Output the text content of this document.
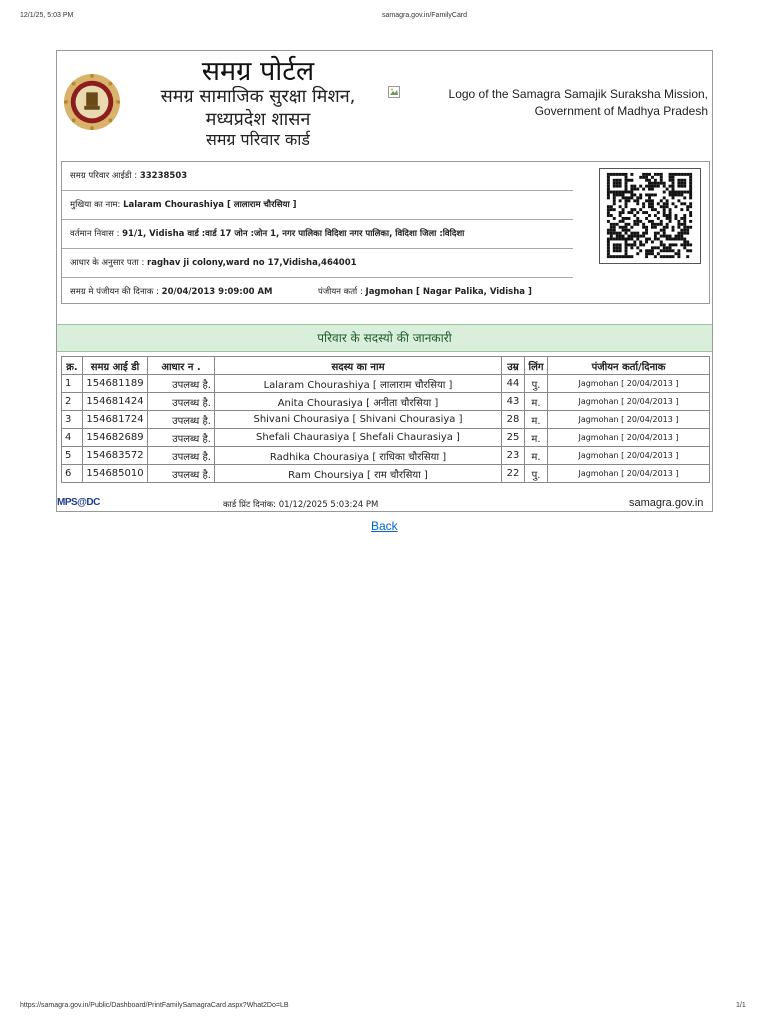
12/1/25, 5:03 PM	samagra.gov.in/FamilyCard
समग्र पोर्टल
समग्र सामाजिक सुरक्षा मिशन,
मध्यप्रदेश शासन
समग्र परिवार कार्ड
Logo of the Samagra Samajik Suraksha Mission,
Government of Madhya Pradesh
समग्र परिवार आईडी : 33238503
मुखिया का नाम: Lalaram Chourashiya [ लालाराम चौरसिया ]
वर्तमान निवास : 91/1, Vidisha वार्ड :वार्ड 17 जोन :जोन 1, नगर पालिका विदिशा नगर पालिका, विदिशा जिला :विदिशा
आधार के अनुसार पता : raghav ji colony,ward no 17,Vidisha,464001
समग्र मे पंजीयन की दिनाक : 20/04/2013 9:09:00 AM	पंजीयन कर्ता : Jagmohan [ Nagar Palika, Vidisha ]
परिवार के सदस्यो की जानकारी
क्र.	समग्र आई डी	आधार न .	सदस्य का नाम	उम्र	लिंग	पंजीयन कर्ता/दिनाक
1	154681189	उपलब्ध है.	Lalaram Chourashiya [ लालाराम चौरसिया ]	44	पु.	Jagmohan [ 20/04/2013 ]
2	154681424	उपलब्ध है.	Anita Chourasiya [ अनीता चौरसिया ]	43	म.	Jagmohan [ 20/04/2013 ]
3	154681724	उपलब्ध है.	Shivani Chourasiya [ Shivani Chourasiya ]	28	म.	Jagmohan [ 20/04/2013 ]
4	154682689	उपलब्ध है.	Shefali Chaurasiya [ Shefali Chaurasiya ]	25	म.	Jagmohan [ 20/04/2013 ]
5	154683572	उपलब्ध है.	Radhika Chourasiya [ राधिका चौरसिया ]	23	म.	Jagmohan [ 20/04/2013 ]
6	154685010	उपलब्ध है.	Ram Choursiya [ राम चौरसिया ]	22	पु.	Jagmohan [ 20/04/2013 ]
MPS@DC	कार्ड प्रिंट दिनांक: 01/12/2025 5:03:24 PM	samagra.gov.in
Back
https://samagra.gov.in/Public/Dashboard/PrintFamilySamagraCard.aspx?What2Do=LB	1/1
